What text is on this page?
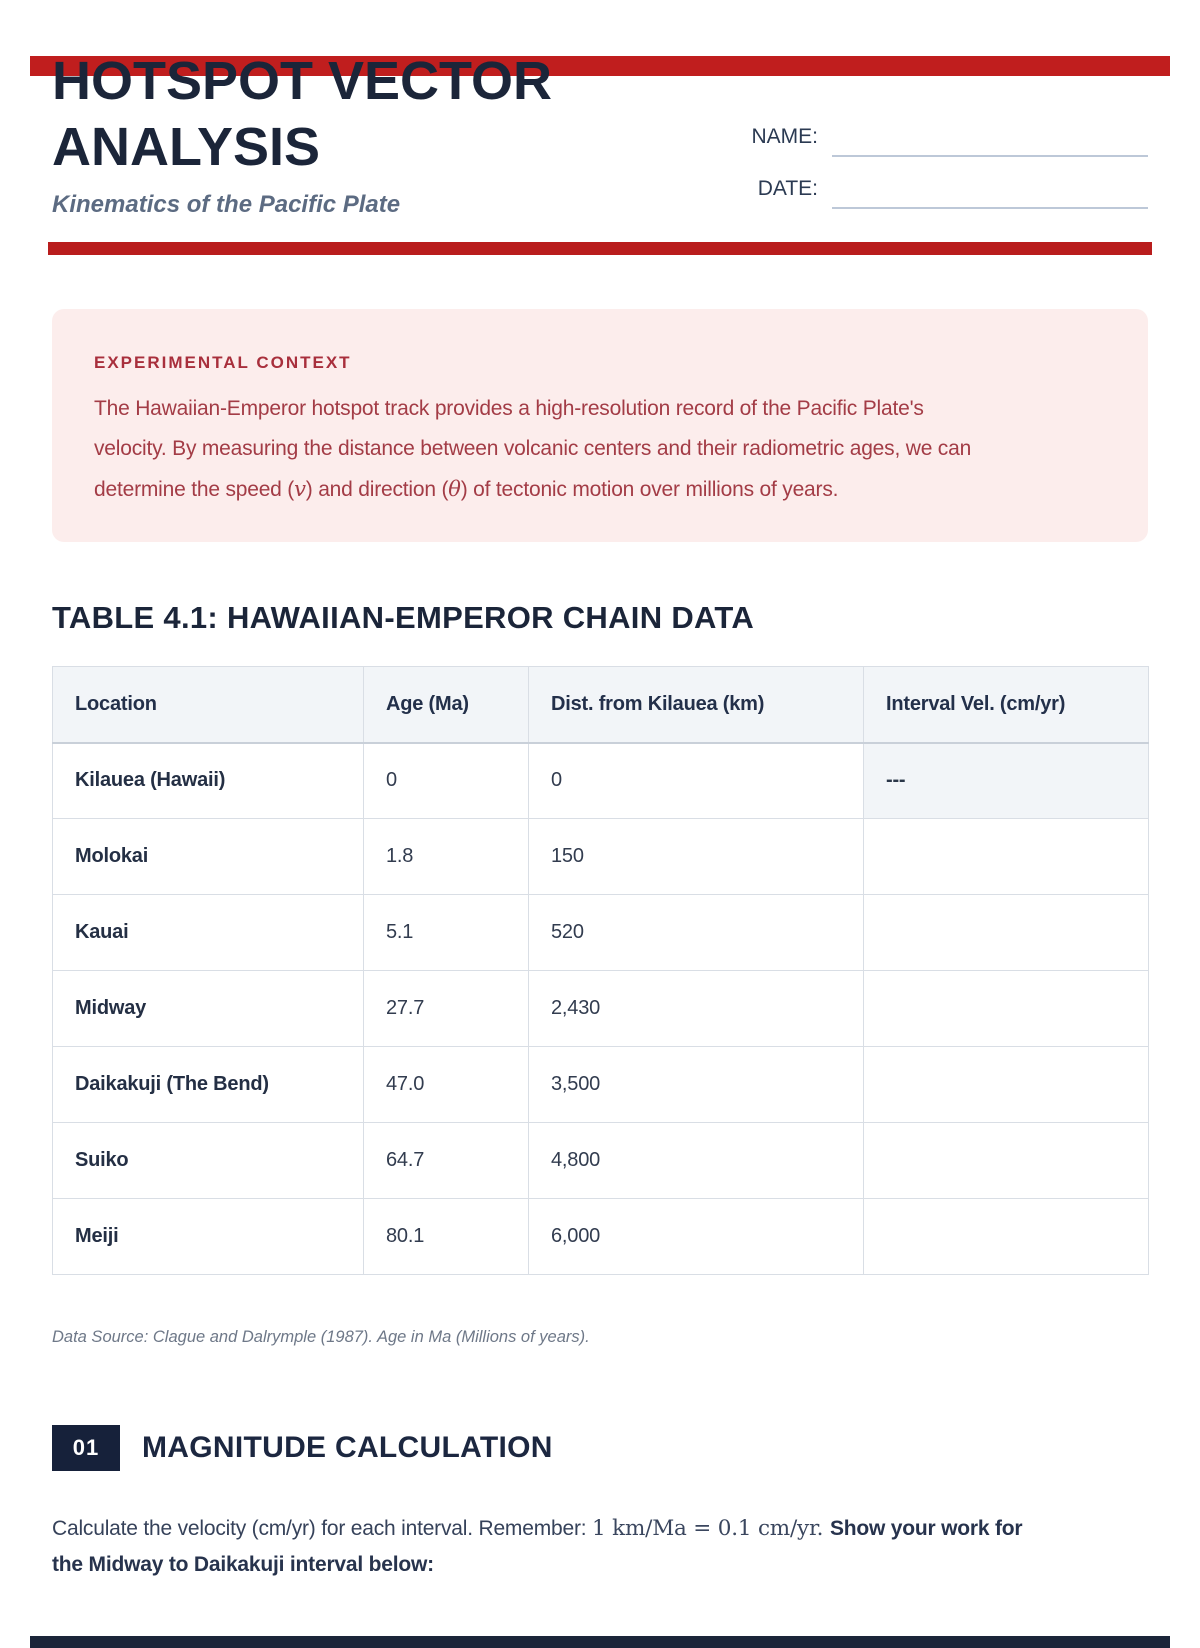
HOTSPOT VECTOR ANALYSIS
Kinematics of the Pacific Plate
NAME:
DATE:
EXPERIMENTAL CONTEXT
The Hawaiian-Emperor hotspot track provides a high-resolution record of the Pacific Plate's
velocity. By measuring the distance between volcanic centers and their radiometric ages, we can
determine the speed (v) and direction (θ) of tectonic motion over millions of years.
TABLE 4.1: HAWAIIAN-EMPEROR CHAIN DATA
Location	Age (Ma)	Dist. from Kilauea (km)	Interval Vel. (cm/yr)
Kilauea (Hawaii)	0	0	---
Molokai	1.8	150	
Kauai	5.1	520	
Midway	27.7	2,430	
Daikakuji (The Bend)	47.0	3,500	
Suiko	64.7	4,800	
Meiji	80.1	6,000	
Data Source: Clague and Dalrymple (1987). Age in Ma (Millions of years).
01	MAGNITUDE CALCULATION
Calculate the velocity (cm/yr) for each interval. Remember: 1 km/Ma = 0.1 cm/yr. Show your work for
the Midway to Daikakuji interval below:
